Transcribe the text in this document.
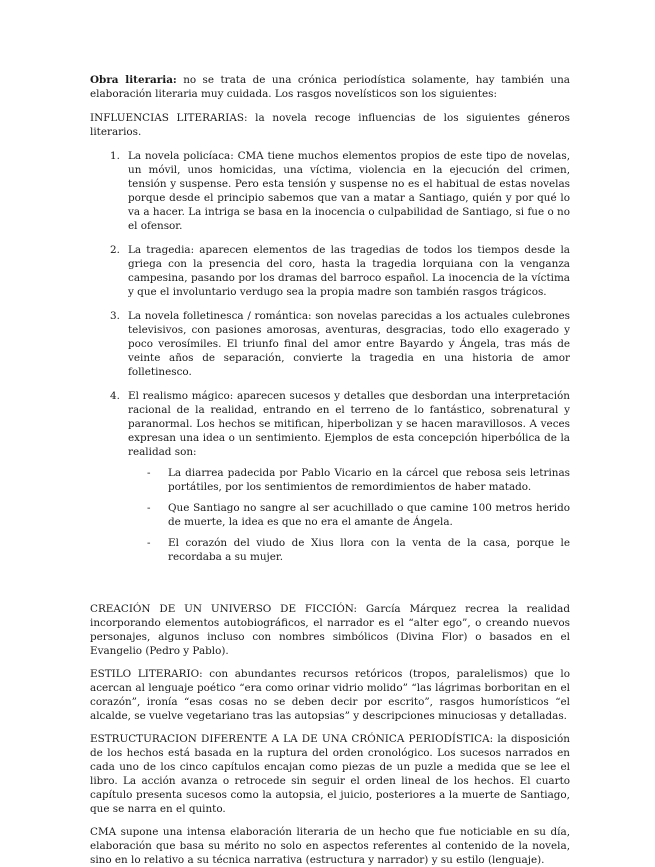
Obra literaria: no se trata de una crónica periodística solamente, hay también una elaboración literaria muy cuidada. Los rasgos novelísticos son los siguientes:

INFLUENCIAS LITERARIAS: la novela recoge influencias de los siguientes géneros literarios.

1. La novela policíaca: CMA tiene muchos elementos propios de este tipo de novelas, un móvil, unos homicidas, una víctima, violencia en la ejecución del crimen, tensión y suspense. Pero esta tensión y suspense no es el habitual de estas novelas porque desde el principio sabemos que van a matar a Santiago, quién y por qué lo va a hacer. La intriga se basa en la inocencia o culpabilidad de Santiago, si fue o no el ofensor.

2. La tragedia: aparecen elementos de las tragedias de todos los tiempos desde la griega con la presencia del coro, hasta la tragedia lorquiana con la venganza campesina, pasando por los dramas del barroco español. La inocencia de la víctima y que el involuntario verdugo sea la propia madre son también rasgos trágicos.

3. La novela folletinesca / romántica: son novelas parecidas a los actuales culebrones televisivos, con pasiones amorosas, aventuras, desgracias, todo ello exagerado y poco verosímiles. El triunfo final del amor entre Bayardo y Ángela, tras más de veinte años de separación, convierte la tragedia en una historia de amor folletinesco.

4. El realismo mágico: aparecen sucesos y detalles que desbordan una interpretación racional de la realidad, entrando en el terreno de lo fantástico, sobrenatural y paranormal. Los hechos se mitifican, hiperbolizan y se hacen maravillosos. A veces expresan una idea o un sentimiento. Ejemplos de esta concepción hiperbólica de la realidad son:

- La diarrea padecida por Pablo Vicario en la cárcel que rebosa seis letrinas portátiles, por los sentimientos de remordimientos de haber matado.

- Que Santiago no sangre al ser acuchillado o que camine 100 metros herido de muerte, la idea es que no era el amante de Ángela.

- El corazón del viudo de Xius llora con la venta de la casa, porque le recordaba a su mujer.

CREACIÓN DE UN UNIVERSO DE FICCIÓN: García Márquez recrea la realidad incorporando elementos autobiográficos, el narrador es el “alter ego”, o creando nuevos personajes, algunos incluso con nombres simbólicos (Divina Flor) o basados en el Evangelio (Pedro y Pablo).

ESTILO LITERARIO: con abundantes recursos retóricos (tropos, paralelismos) que lo acercan al lenguaje poético “era como orinar vidrio molido” “las lágrimas borboritan en el corazón”, ironía “esas cosas no se deben decir por escrito”, rasgos humorísticos “el alcalde, se vuelve vegetariano tras las autopsias” y descripciones minuciosas y detalladas.

ESTRUCTURACION DIFERENTE A LA DE UNA CRÓNICA PERIODÍSTICA: la disposición de los hechos está basada en la ruptura del orden cronológico. Los sucesos narrados en cada uno de los cinco capítulos encajan como piezas de un puzle a medida que se lee el libro. La acción avanza o retrocede sin seguir el orden lineal de los hechos. El cuarto capítulo presenta sucesos como la autopsia, el juicio, posteriores a la muerte de Santiago, que se narra en el quinto.

CMA supone una intensa elaboración literaria de un hecho que fue noticiable en su día, elaboración que basa su mérito no solo en aspectos referentes al contenido de la novela, sino en lo relativo a su técnica narrativa (estructura y narrador) y su estilo (lenguaje).
